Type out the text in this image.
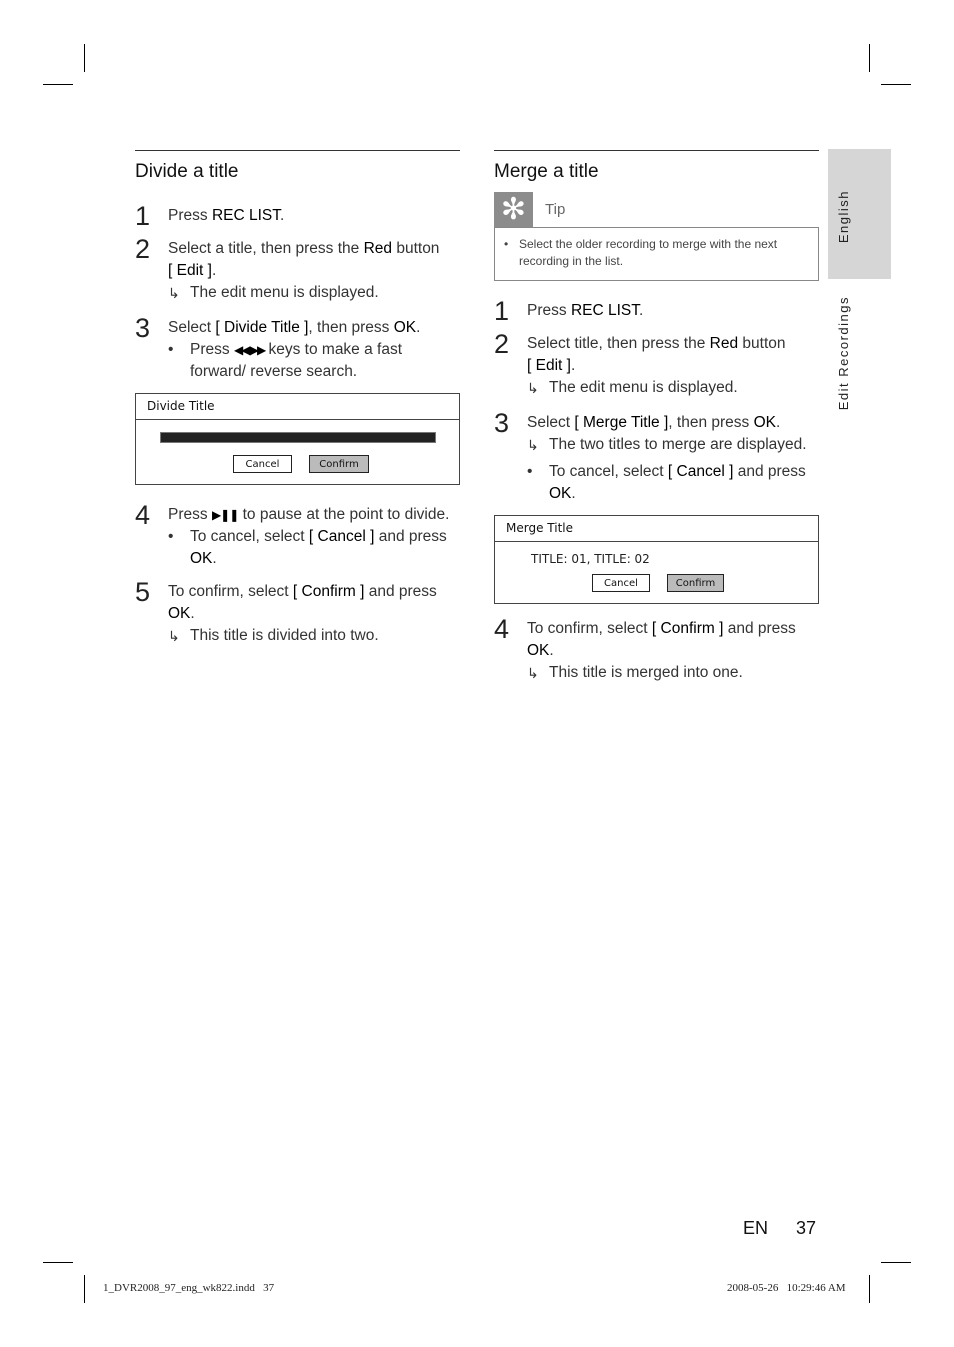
Divide a title
1 Press REC LIST.
2 Select a title, then press the Red button
[ Edit ].
↳ The edit menu is displayed.
3 Select [ Divide Title ], then press OK.
• Press ◀◀ ▶▶ keys to make a fast forward/ reverse search.
Divide Title
Cancel	Confirm
4 Press ▶❚❚ to pause at the point to divide.
• To cancel, select [ Cancel ] and press
OK.
5 To confirm, select [ Confirm ] and press
OK.
↳ This title is divided into two.
Merge a title
✻	Tip
• Select the older recording to merge with the next recording in the list.
1 Press REC LIST.
2 Select title, then press the Red button
[ Edit ].
↳ The edit menu is displayed.
3 Select [ Merge Title ], then press OK.
↳ The two titles to merge are displayed.
• To cancel, select [ Cancel ] and press
OK.
Merge Title
TITLE: 01, TITLE: 02
Cancel	Confirm
4 To confirm, select [ Confirm ] and press
OK.
↳ This title is merged into one.
English
Edit Recordings
EN 37
1_DVR2008_97_eng_wk822.indd   37	2008-05-26   10:29:46 AM
